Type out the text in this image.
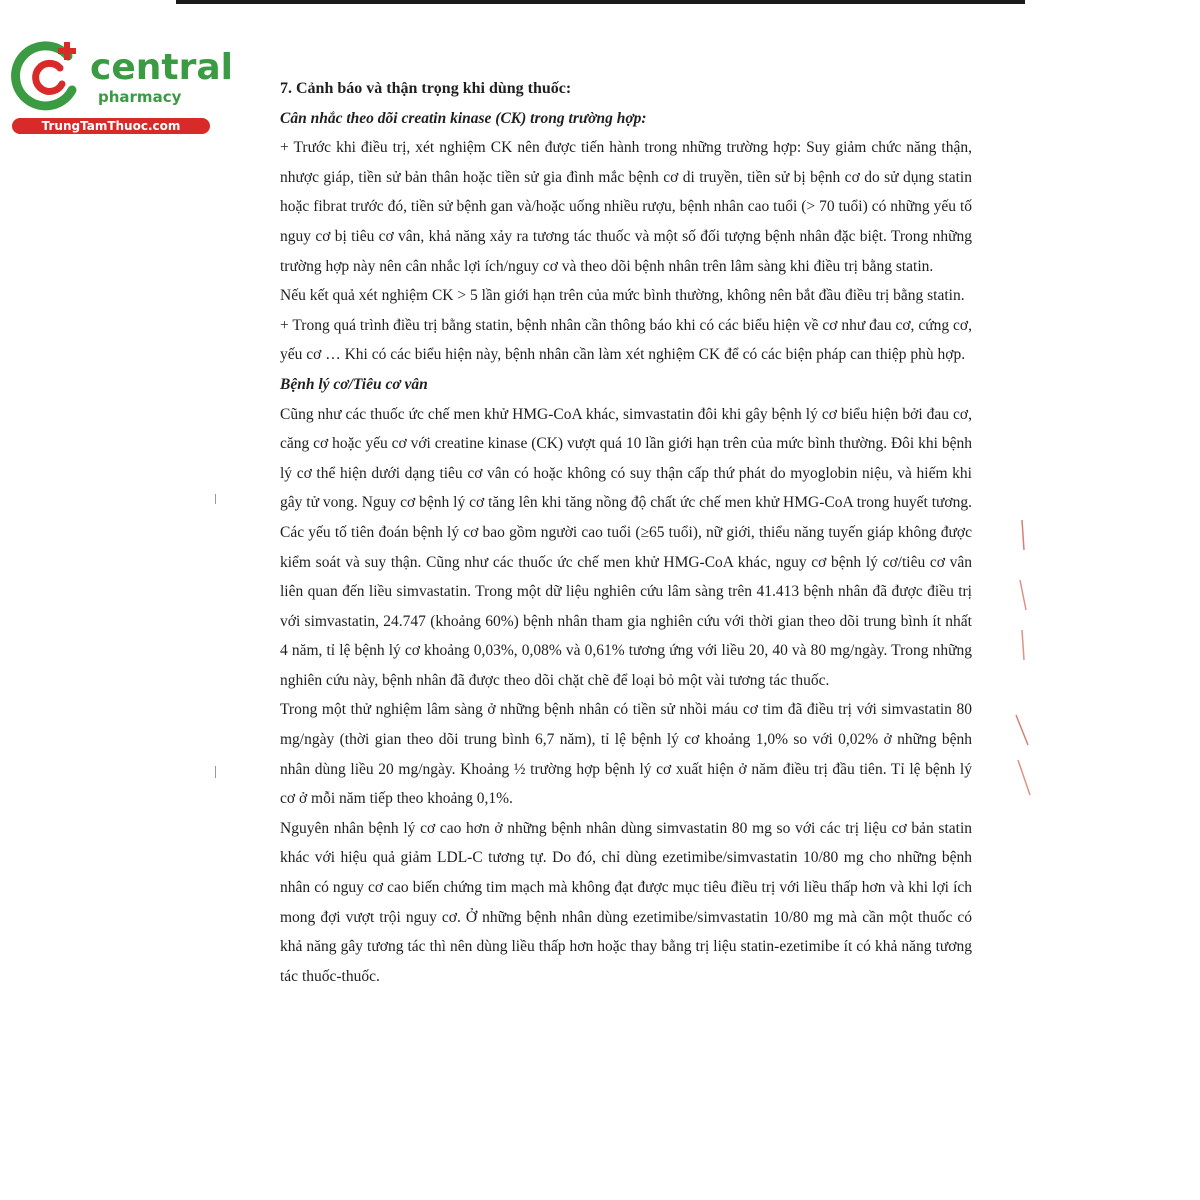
central
pharmacy
TrungTamThuoc.com

7. Cảnh báo và thận trọng khi dùng thuốc:

Cân nhắc theo dõi creatin kinase (CK) trong trường hợp:

+ Trước khi điều trị, xét nghiệm CK nên được tiến hành trong những trường hợp: Suy giảm chức năng thận, nhược giáp, tiền sử bản thân hoặc tiền sử gia đình mắc bệnh cơ di truyền, tiền sử bị bệnh cơ do sử dụng statin hoặc fibrat trước đó, tiền sử bệnh gan và/hoặc uống nhiều rượu, bệnh nhân cao tuổi (> 70 tuổi) có những yếu tố nguy cơ bị tiêu cơ vân, khả năng xảy ra tương tác thuốc và một số đối tượng bệnh nhân đặc biệt. Trong những trường hợp này nên cân nhắc lợi ích/nguy cơ và theo dõi bệnh nhân trên lâm sàng khi điều trị bằng statin.

Nếu kết quả xét nghiệm CK > 5 lần giới hạn trên của mức bình thường, không nên bắt đầu điều trị bằng statin.

+ Trong quá trình điều trị bằng statin, bệnh nhân cần thông báo khi có các biểu hiện về cơ như đau cơ, cứng cơ, yếu cơ … Khi có các biểu hiện này, bệnh nhân cần làm xét nghiệm CK để có các biện pháp can thiệp phù hợp.

Bệnh lý cơ/Tiêu cơ vân

Cũng như các thuốc ức chế men khử HMG-CoA khác, simvastatin đôi khi gây bệnh lý cơ biểu hiện bởi đau cơ, căng cơ hoặc yếu cơ với creatine kinase (CK) vượt quá 10 lần giới hạn trên của mức bình thường. Đôi khi bệnh lý cơ thể hiện dưới dạng tiêu cơ vân có hoặc không có suy thận cấp thứ phát do myoglobin niệu, và hiếm khi gây tử vong. Nguy cơ bệnh lý cơ tăng lên khi tăng nồng độ chất ức chế men khử HMG-CoA trong huyết tương. Các yếu tố tiên đoán bệnh lý cơ bao gồm người cao tuổi (≥65 tuổi), nữ giới, thiểu năng tuyến giáp không được kiểm soát và suy thận. Cũng như các thuốc ức chế men khử HMG-CoA khác, nguy cơ bệnh lý cơ/tiêu cơ vân liên quan đến liều simvastatin. Trong một dữ liệu nghiên cứu lâm sàng trên 41.413 bệnh nhân đã được điều trị với simvastatin, 24.747 (khoảng 60%) bệnh nhân tham gia nghiên cứu với thời gian theo dõi trung bình ít nhất 4 năm, tỉ lệ bệnh lý cơ khoảng 0,03%, 0,08% và 0,61% tương ứng với liều 20, 40 và 80 mg/ngày. Trong những nghiên cứu này, bệnh nhân đã được theo dõi chặt chẽ để loại bỏ một vài tương tác thuốc.

Trong một thử nghiệm lâm sàng ở những bệnh nhân có tiền sử nhồi máu cơ tim đã điều trị với simvastatin 80 mg/ngày (thời gian theo dõi trung bình 6,7 năm), tỉ lệ bệnh lý cơ khoảng 1,0% so với 0,02% ở những bệnh nhân dùng liều 20 mg/ngày. Khoảng ½ trường hợp bệnh lý cơ xuất hiện ở năm điều trị đầu tiên. Tỉ lệ bệnh lý cơ ở mỗi năm tiếp theo khoảng 0,1%.

Nguyên nhân bệnh lý cơ cao hơn ở những bệnh nhân dùng simvastatin 80 mg so với các trị liệu cơ bản statin khác với hiệu quả giảm LDL-C tương tự. Do đó, chỉ dùng ezetimibe/simvastatin 10/80 mg cho những bệnh nhân có nguy cơ cao biến chứng tim mạch mà không đạt được mục tiêu điều trị với liều thấp hơn và khi lợi ích mong đợi vượt trội nguy cơ. Ở những bệnh nhân dùng ezetimibe/simvastatin 10/80 mg mà cần một thuốc có khả năng gây tương tác thì nên dùng liều thấp hơn hoặc thay bằng trị liệu statin-ezetimibe ít có khả năng tương tác thuốc-thuốc.
